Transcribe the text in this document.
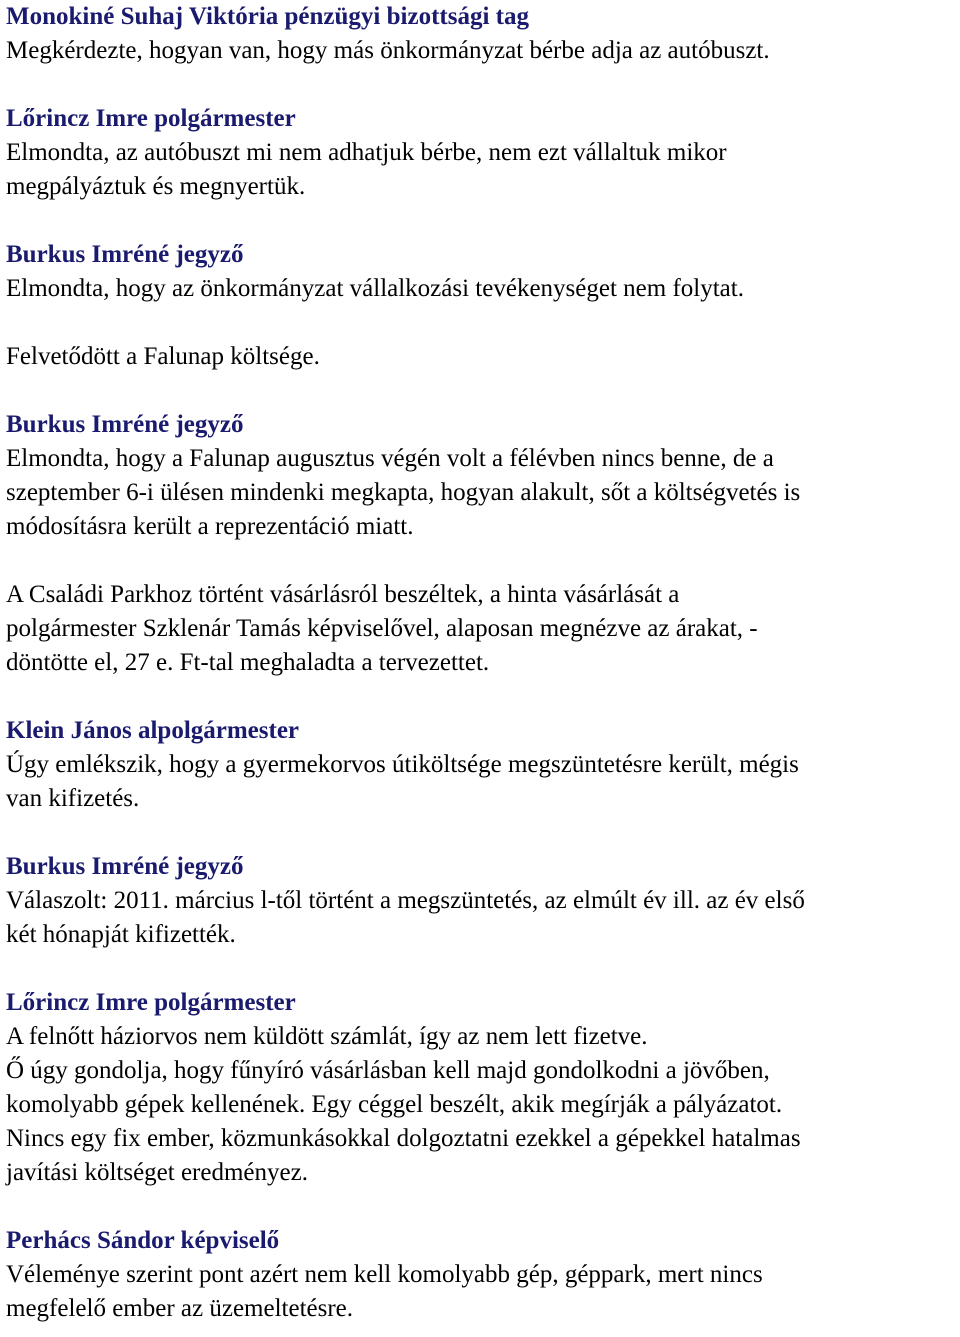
Monokiné Suhaj Viktória pénzügyi bizottsági tag
Megkérdezte, hogyan van, hogy más önkormányzat bérbe adja az autóbuszt.
Lőrincz Imre polgármester
Elmondta, az autóbuszt mi nem adhatjuk bérbe, nem ezt vállaltuk mikor
megpályáztuk és megnyertük.
Burkus Imréné jegyző
Elmondta, hogy az önkormányzat vállalkozási tevékenységet nem folytat.
Felvetődött a Falunap költsége.
Burkus Imréné jegyző
Elmondta, hogy a Falunap augusztus végén volt a félévben nincs benne, de a
szeptember 6-i ülésen mindenki megkapta, hogyan alakult, sőt a költségvetés is
módosításra került a reprezentáció miatt.
A Családi Parkhoz történt vásárlásról beszéltek, a hinta vásárlását a
polgármester Szklenár Tamás képviselővel, alaposan megnézve az árakat, -
döntötte el, 27 e. Ft-tal meghaladta a tervezettet.
Klein János alpolgármester
Úgy emlékszik, hogy a gyermekorvos útiköltsége megszüntetésre került, mégis
van kifizetés.
Burkus Imréné jegyző
Válaszolt: 2011. március l-től történt a megszüntetés, az elmúlt év ill. az év első
két hónapját kifizették.
Lőrincz Imre polgármester
A felnőtt háziorvos nem küldött számlát, így az nem lett fizetve.
Ő úgy gondolja, hogy fűnyíró vásárlásban kell majd gondolkodni a jövőben,
komolyabb gépek kellenének. Egy céggel beszélt, akik megírják a pályázatot.
Nincs egy fix ember, közmunkásokkal dolgoztatni ezekkel a gépekkel hatalmas
javítási költséget eredményez.
Perhács Sándor képviselő
Véleménye szerint pont azért nem kell komolyabb gép, géppark, mert nincs
megfelelő ember az üzemeltetésre.
